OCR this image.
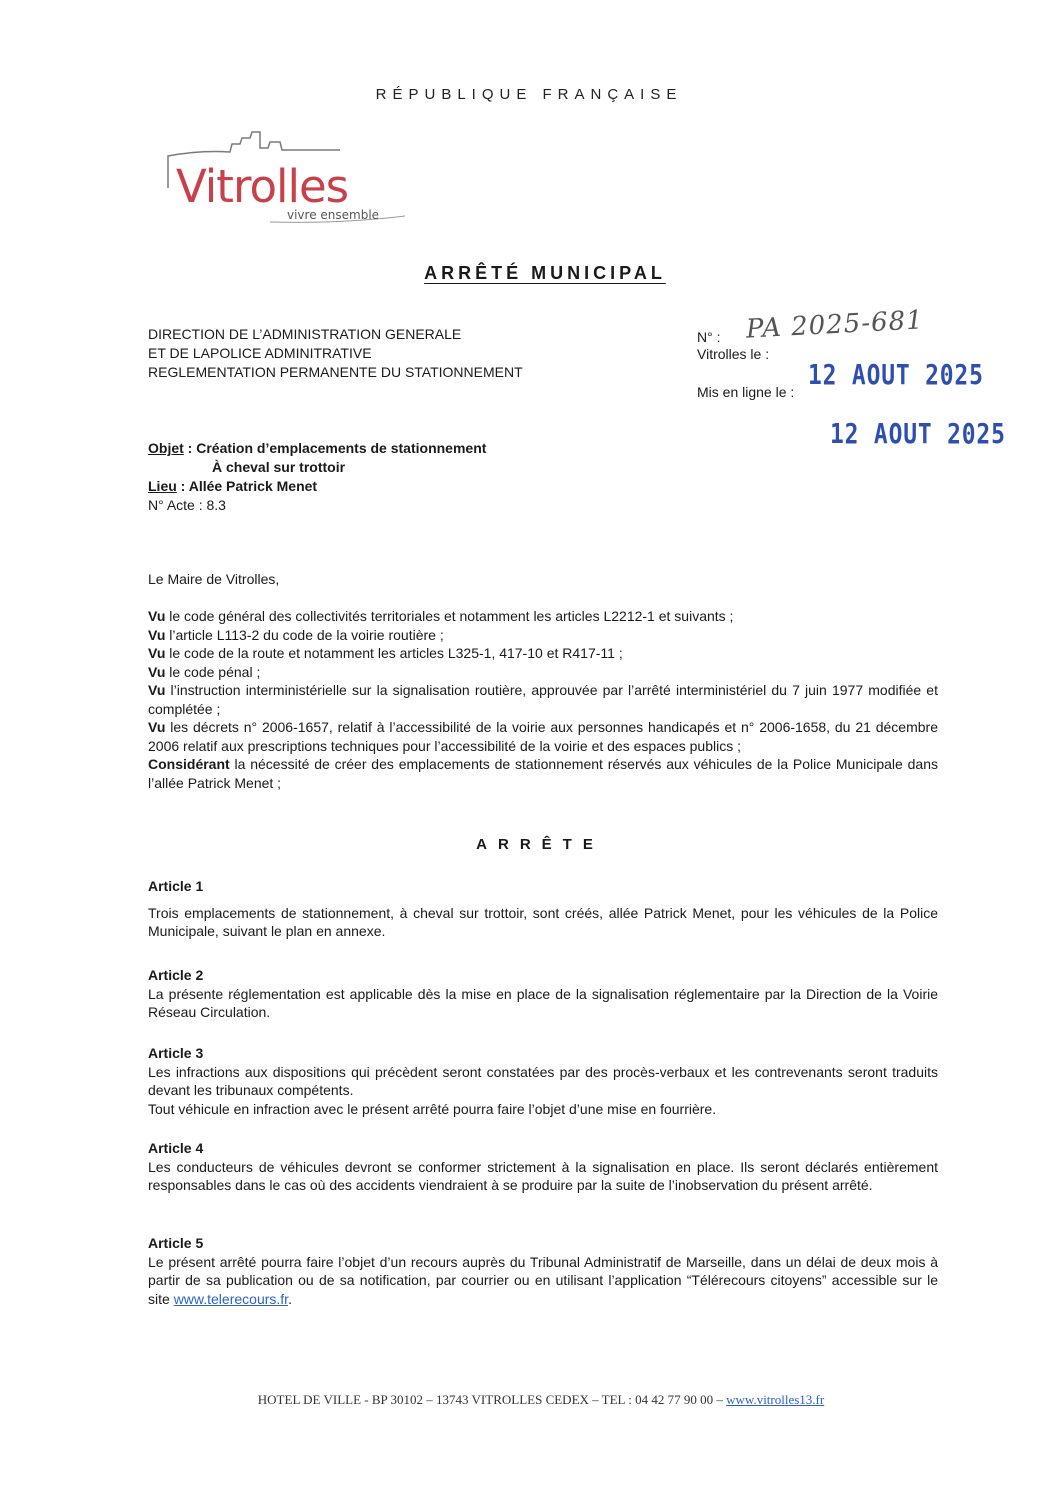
RÉPUBLIQUE FRANÇAISE
Vitrolles
vivre ensemble
ARRÊTÉ MUNICIPAL
DIRECTION DE L’ADMINISTRATION GENERALE
ET DE LAPOLICE ADMINITRATIVE
REGLEMENTATION PERMANENTE DU STATIONNEMENT
N° : PA 2025-681
Vitrolles le :
12 AOUT 2025
Mis en ligne le :
12 AOUT 2025
Objet : Création d’emplacements de stationnement
À cheval sur trottoir
Lieu : Allée Patrick Menet
N° Acte : 8.3
Le Maire de Vitrolles,
Vu le code général des collectivités territoriales et notamment les articles L2212-1 et suivants ;
Vu l’article L113-2 du code de la voirie routière ;
Vu le code de la route et notamment les articles L325-1, 417-10 et R417-11 ;
Vu le code pénal ;
Vu l’instruction interministérielle sur la signalisation routière, approuvée par l’arrêté interministériel du 7 juin 1977 modifiée et complétée ;
Vu les décrets n° 2006-1657, relatif à l’accessibilité de la voirie aux personnes handicapés et n° 2006-1658, du 21 décembre 2006 relatif aux prescriptions techniques pour l’accessibilité de la voirie et des espaces publics ;
Considérant la nécessité de créer des emplacements de stationnement réservés aux véhicules de la Police Municipale dans l’allée Patrick Menet ;
ARRÊTE
Article 1
Trois emplacements de stationnement, à cheval sur trottoir, sont créés, allée Patrick Menet, pour les véhicules de la Police Municipale, suivant le plan en annexe.
Article 2
La présente réglementation est applicable dès la mise en place de la signalisation réglementaire par la Direction de la Voirie Réseau Circulation.
Article 3
Les infractions aux dispositions qui précèdent seront constatées par des procès-verbaux et les contrevenants seront traduits devant les tribunaux compétents.
Tout véhicule en infraction avec le présent arrêté pourra faire l’objet d’une mise en fourrière.
Article 4
Les conducteurs de véhicules devront se conformer strictement à la signalisation en place. Ils seront déclarés entièrement responsables dans le cas où des accidents viendraient à se produire par la suite de l’inobservation du présent arrêté.
Article 5
Le présent arrêté pourra faire l’objet d’un recours auprès du Tribunal Administratif de Marseille, dans un délai de deux mois à partir de sa publication ou de sa notification, par courrier ou en utilisant l’application “Télérecours citoyens” accessible sur le site www.telerecours.fr.
HOTEL DE VILLE - BP 30102 – 13743 VITROLLES CEDEX – TEL : 04 42 77 90 00 – www.vitrolles13.fr
